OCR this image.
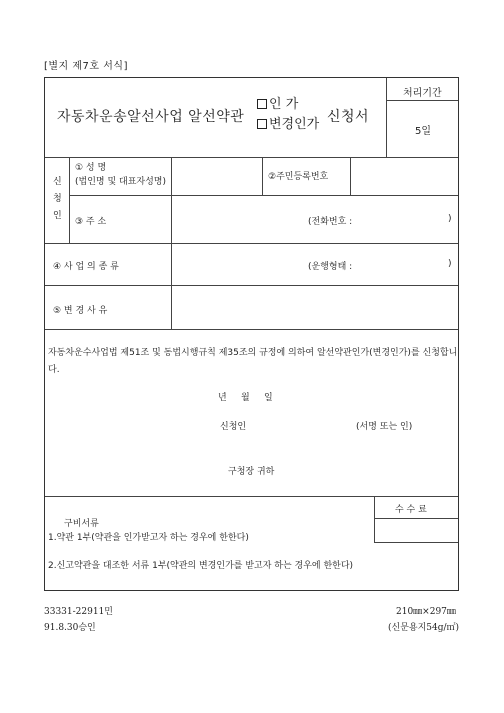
[별지 제7호 서식]
자동차운송알선사업 알선약관
인 가
변경인가 신청서
처리기간
5일
신
청
인
① 성 명
(법인명 및 대표자성명)	②주민등록번호
③ 주 소	(전화번호 :	)
④ 사 업 의 종 류	(운행형태 :	)
⑤ 변 경 사 유
자동차운수사업법 제51조 및 동법시행규칙 제35조의 규정에 의하여 알선약관인가(변경인가)를 신청합니다.
년     월     일
신청인	(서명 또는 인)
구청장 귀하
구비서류
1.약관 1부(약관을 인가받고자 하는 경우에 한한다)
2.신고약관을 대조한 서류 1부(약관의 변경인가를 받고자 하는 경우에 한한다)
수 수 료
33331-22911민
91.8.30승인
210㎜×297㎜
(신문용지54g/㎡)
